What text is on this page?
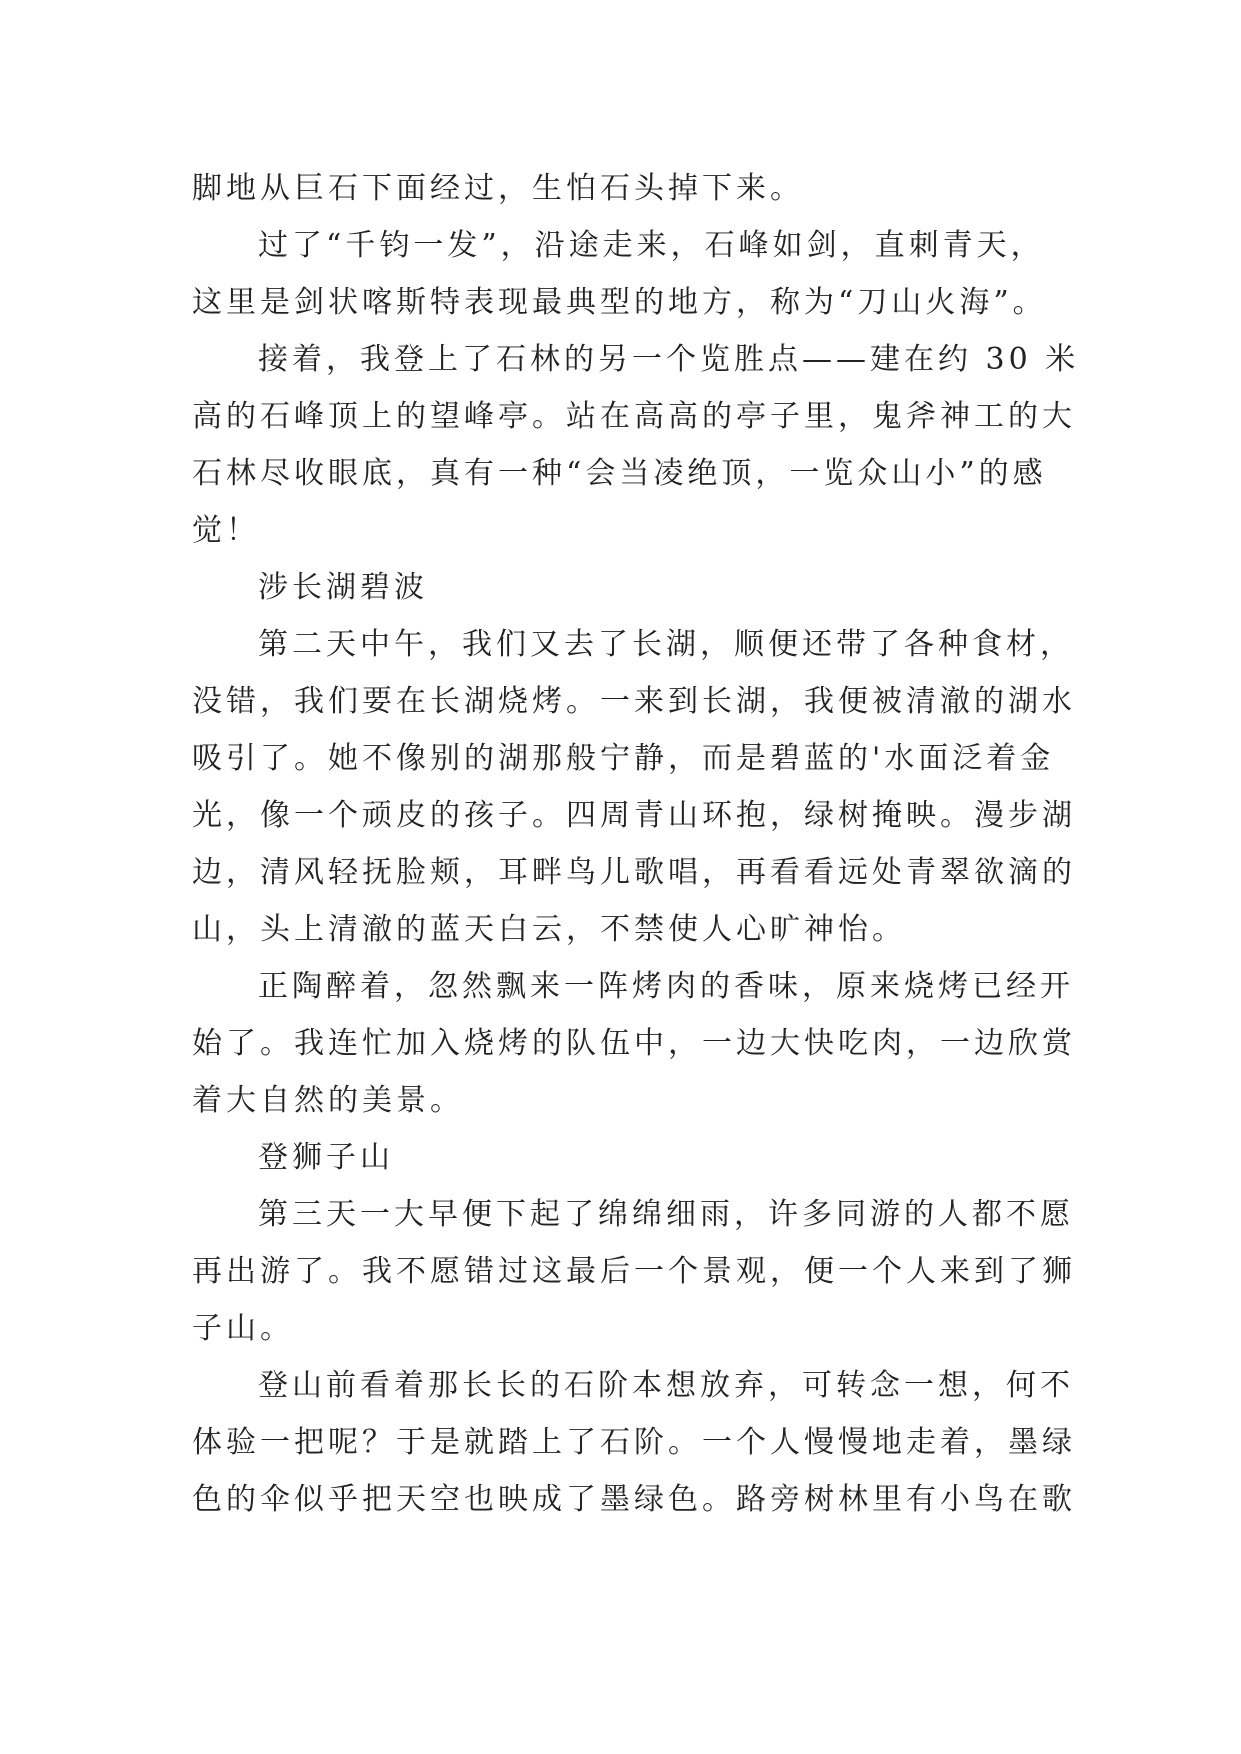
脚地从巨石下面经过，生怕石头掉下来。
过了“千钧一发”，沿途走来，石峰如剑，直刺青天，
这里是剑状喀斯特表现最典型的地方，称为“刀山火海”。
接着，我登上了石林的另一个览胜点——建在约 30 米
高的石峰顶上的望峰亭。站在高高的亭子里，鬼斧神工的大
石林尽收眼底，真有一种“会当凌绝顶，一览众山小”的感
觉！
涉长湖碧波
第二天中午，我们又去了长湖，顺便还带了各种食材，
没错，我们要在长湖烧烤。一来到长湖，我便被清澈的湖水
吸引了。她不像别的湖那般宁静，而是碧蓝的'水面泛着金
光，像一个顽皮的孩子。四周青山环抱，绿树掩映。漫步湖
边，清风轻抚脸颊，耳畔鸟儿歌唱，再看看远处青翠欲滴的
山，头上清澈的蓝天白云，不禁使人心旷神怡。
正陶醉着，忽然飘来一阵烤肉的香味，原来烧烤已经开
始了。我连忙加入烧烤的队伍中，一边大快吃肉，一边欣赏
着大自然的美景。
登狮子山
第三天一大早便下起了绵绵细雨，许多同游的人都不愿
再出游了。我不愿错过这最后一个景观，便一个人来到了狮
子山。
登山前看着那长长的石阶本想放弃，可转念一想，何不
体验一把呢？于是就踏上了石阶。一个人慢慢地走着，墨绿
色的伞似乎把天空也映成了墨绿色。路旁树林里有小鸟在歌
